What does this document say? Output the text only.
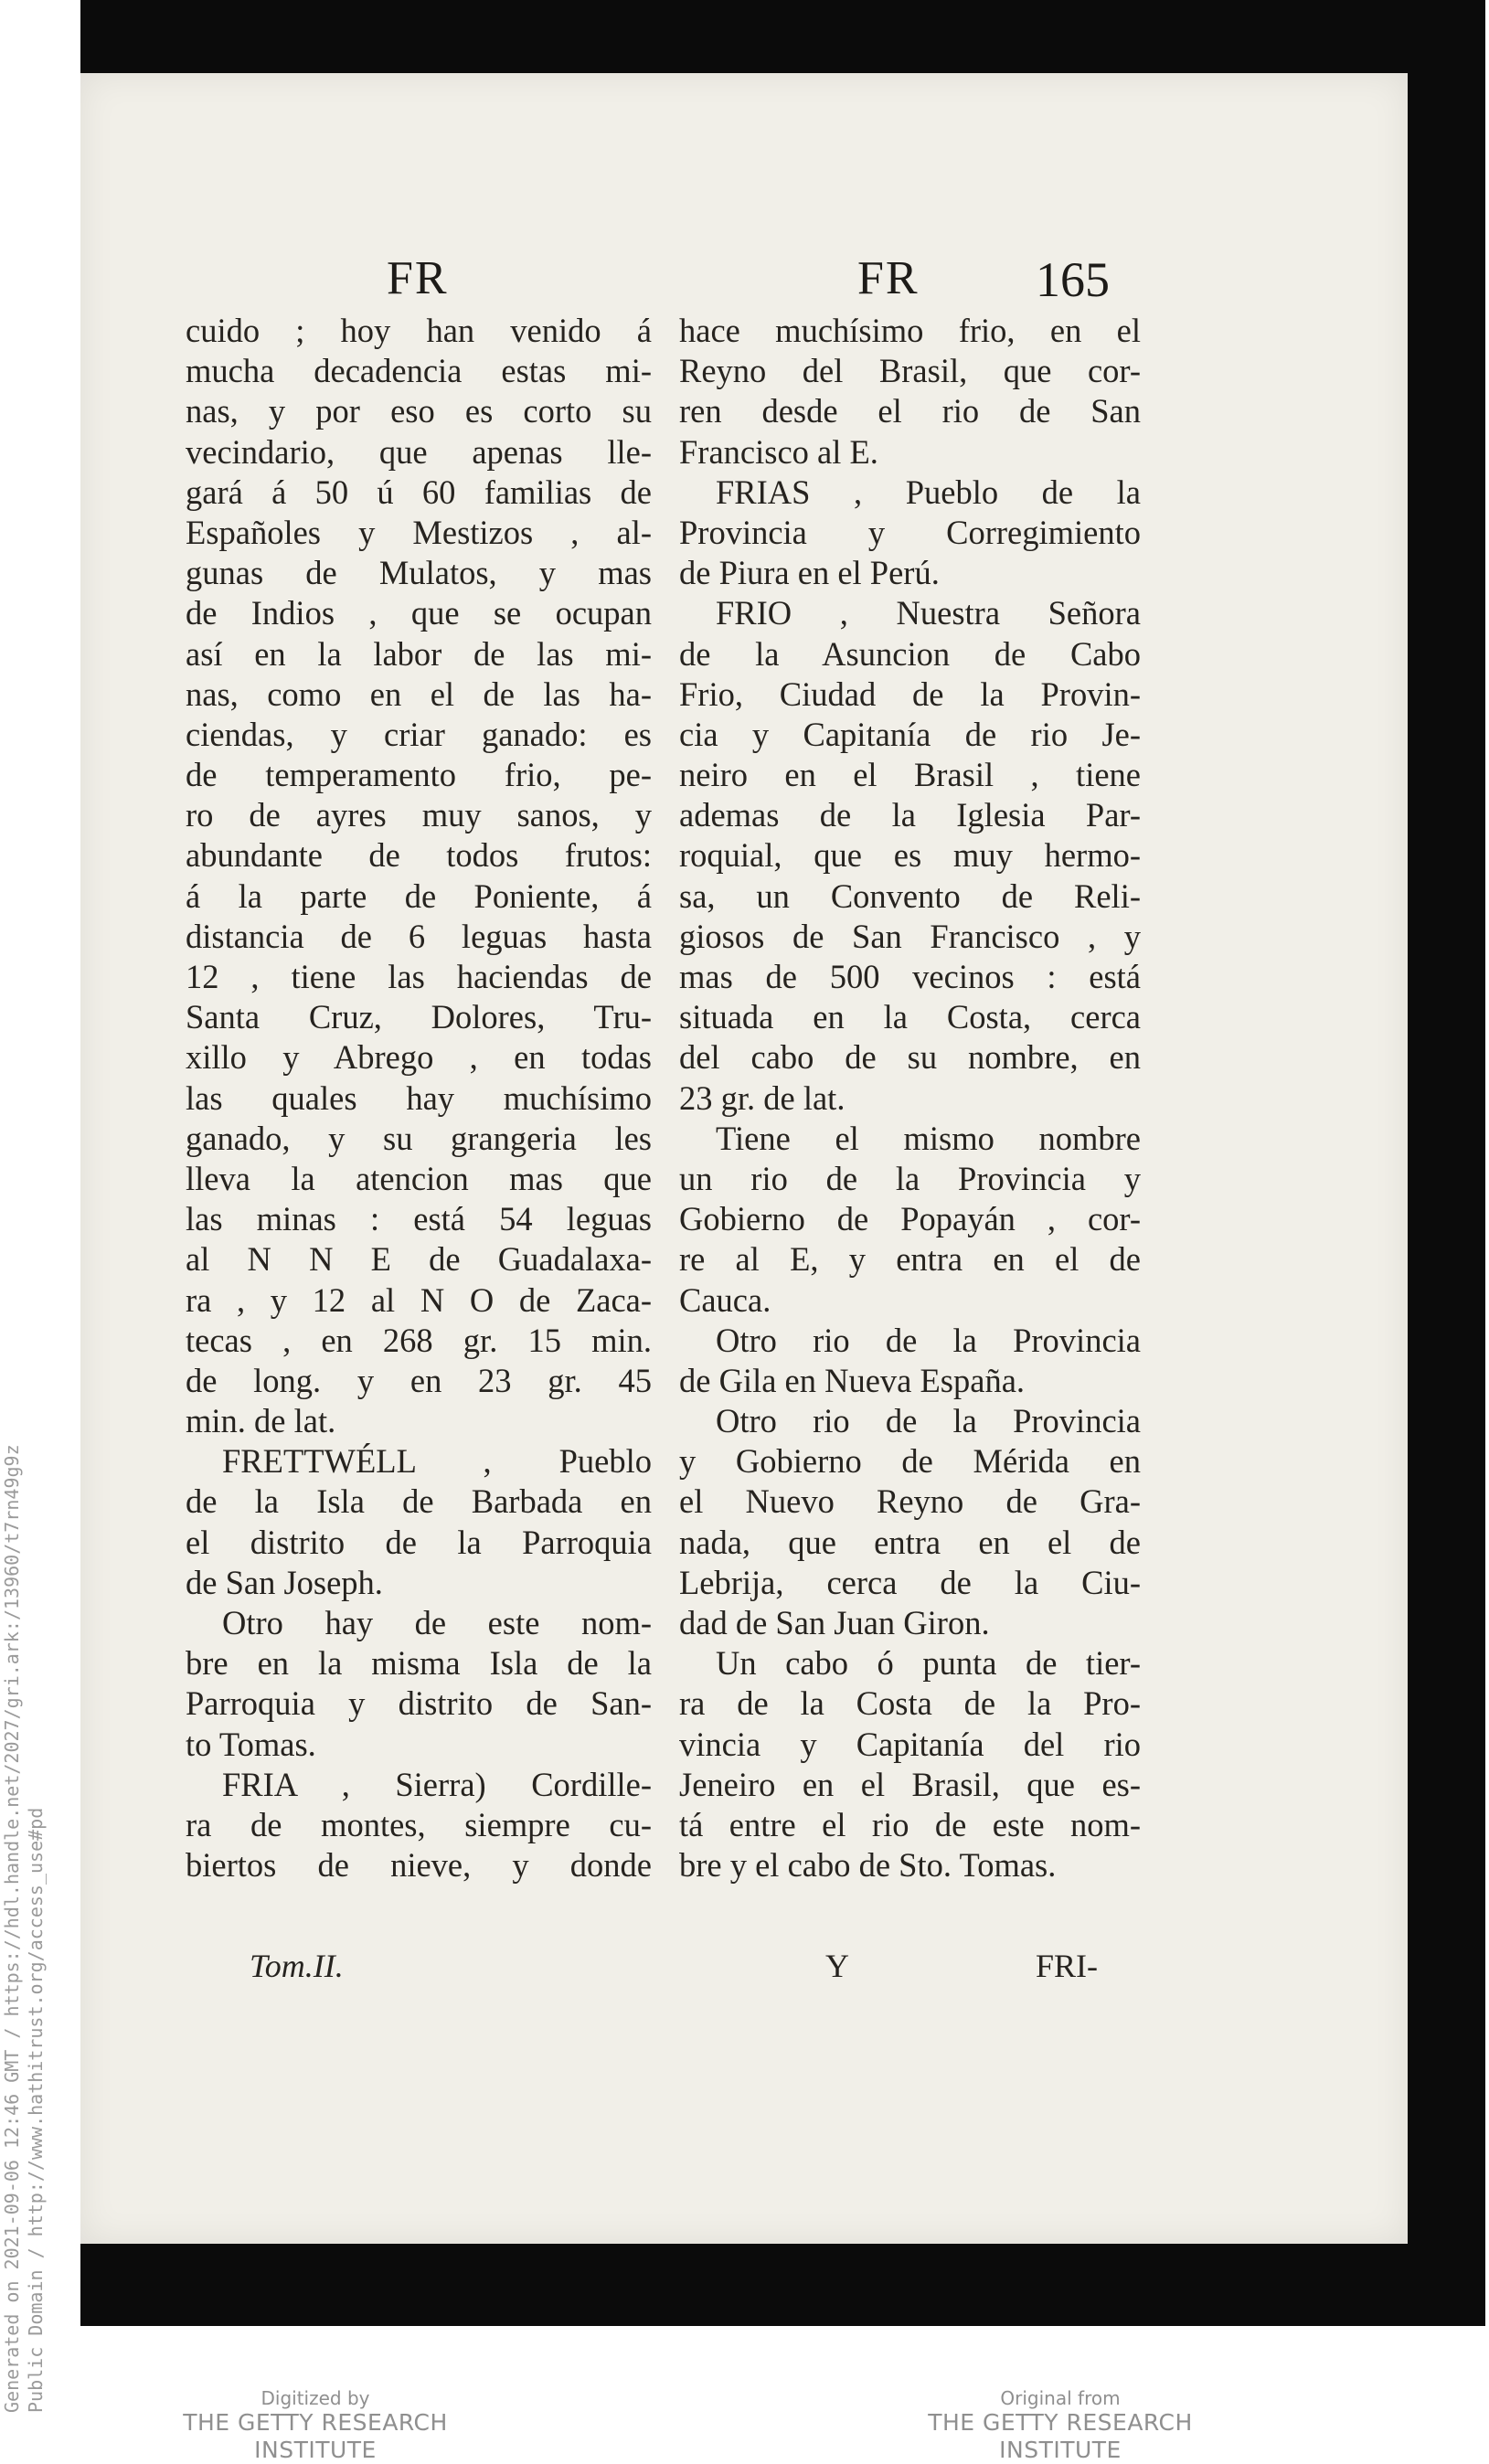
FR	FR 165
cuido ; hoy han venido á
mucha decadencia estas mi-
nas, y por eso es corto su
vecindario, que apenas lle-
gará á 50 ú 60 familias de
Españoles y Mestizos , al-
gunas de Mulatos, y mas
de Indios , que se ocupan
así en la labor de las mi-
nas, como en el de las ha-
ciendas, y criar ganado: es
de temperamento frio, pe-
ro de ayres muy sanos, y
abundante de todos frutos:
á la parte de Poniente, á
distancia de 6 leguas hasta
12 , tiene las haciendas de
Santa Cruz, Dolores, Tru-
xillo y Abrego , en todas
las quales hay muchísimo
ganado, y su grangeria les
lleva la atencion mas que
las minas : está 54 leguas
al N N E de Guadalaxa-
ra , y 12 al N O de Zaca-
tecas , en 268 gr. 15 min.
de long. y en 23 gr. 45
min. de lat.
FRETTWÉLL , Pueblo
de la Isla de Barbada en
el distrito de la Parroquia
de San Joseph.
Otro hay de este nom-
bre en la misma Isla de la
Parroquia y distrito de San-
to Tomas.
FRIA , Sierra) Cordille-
ra de montes, siempre cu-
biertos de nieve, y donde
hace muchísimo frio, en el
Reyno del Brasil, que cor-
ren desde el rio de San
Francisco al E.
FRIAS , Pueblo de la
Provincia y Corregimiento
de Piura en el Perú.
FRIO , Nuestra Señora
de la Asuncion de Cabo
Frio, Ciudad de la Provin-
cia y Capitanía de rio Je-
neiro en el Brasil , tiene
ademas de la Iglesia Par-
roquial, que es muy hermo-
sa, un Convento de Reli-
giosos de San Francisco , y
mas de 500 vecinos : está
situada en la Costa, cerca
del cabo de su nombre, en
23 gr. de lat.
Tiene el mismo nombre
un rio de la Provincia y
Gobierno de Popayán , cor-
re al E, y entra en el de
Cauca.
Otro rio de la Provincia
de Gila en Nueva España.
Otro rio de la Provincia
y Gobierno de Mérida en
el Nuevo Reyno de Gra-
nada, que entra en el de
Lebrija, cerca de la Ciu-
dad de San Juan Giron.
Un cabo ó punta de tier-
ra de la Costa de la Pro-
vincia y Capitanía del rio
Jeneiro en el Brasil, que es-
tá entre el rio de este nom-
bre y el cabo de Sto. Tomas.
Tom.II.	Y	FRI-
Generated on 2021-09-06 12:46 GMT / https://hdl.handle.net/2027/gri.ark:/13960/t7rn49g9z Public Domain / http://www.hathitrust.org/access_use#pd	Digitized by
THE GETTY RESEARCH INSTITUTE
Original from
THE GETTY RESEARCH INSTITUTE
